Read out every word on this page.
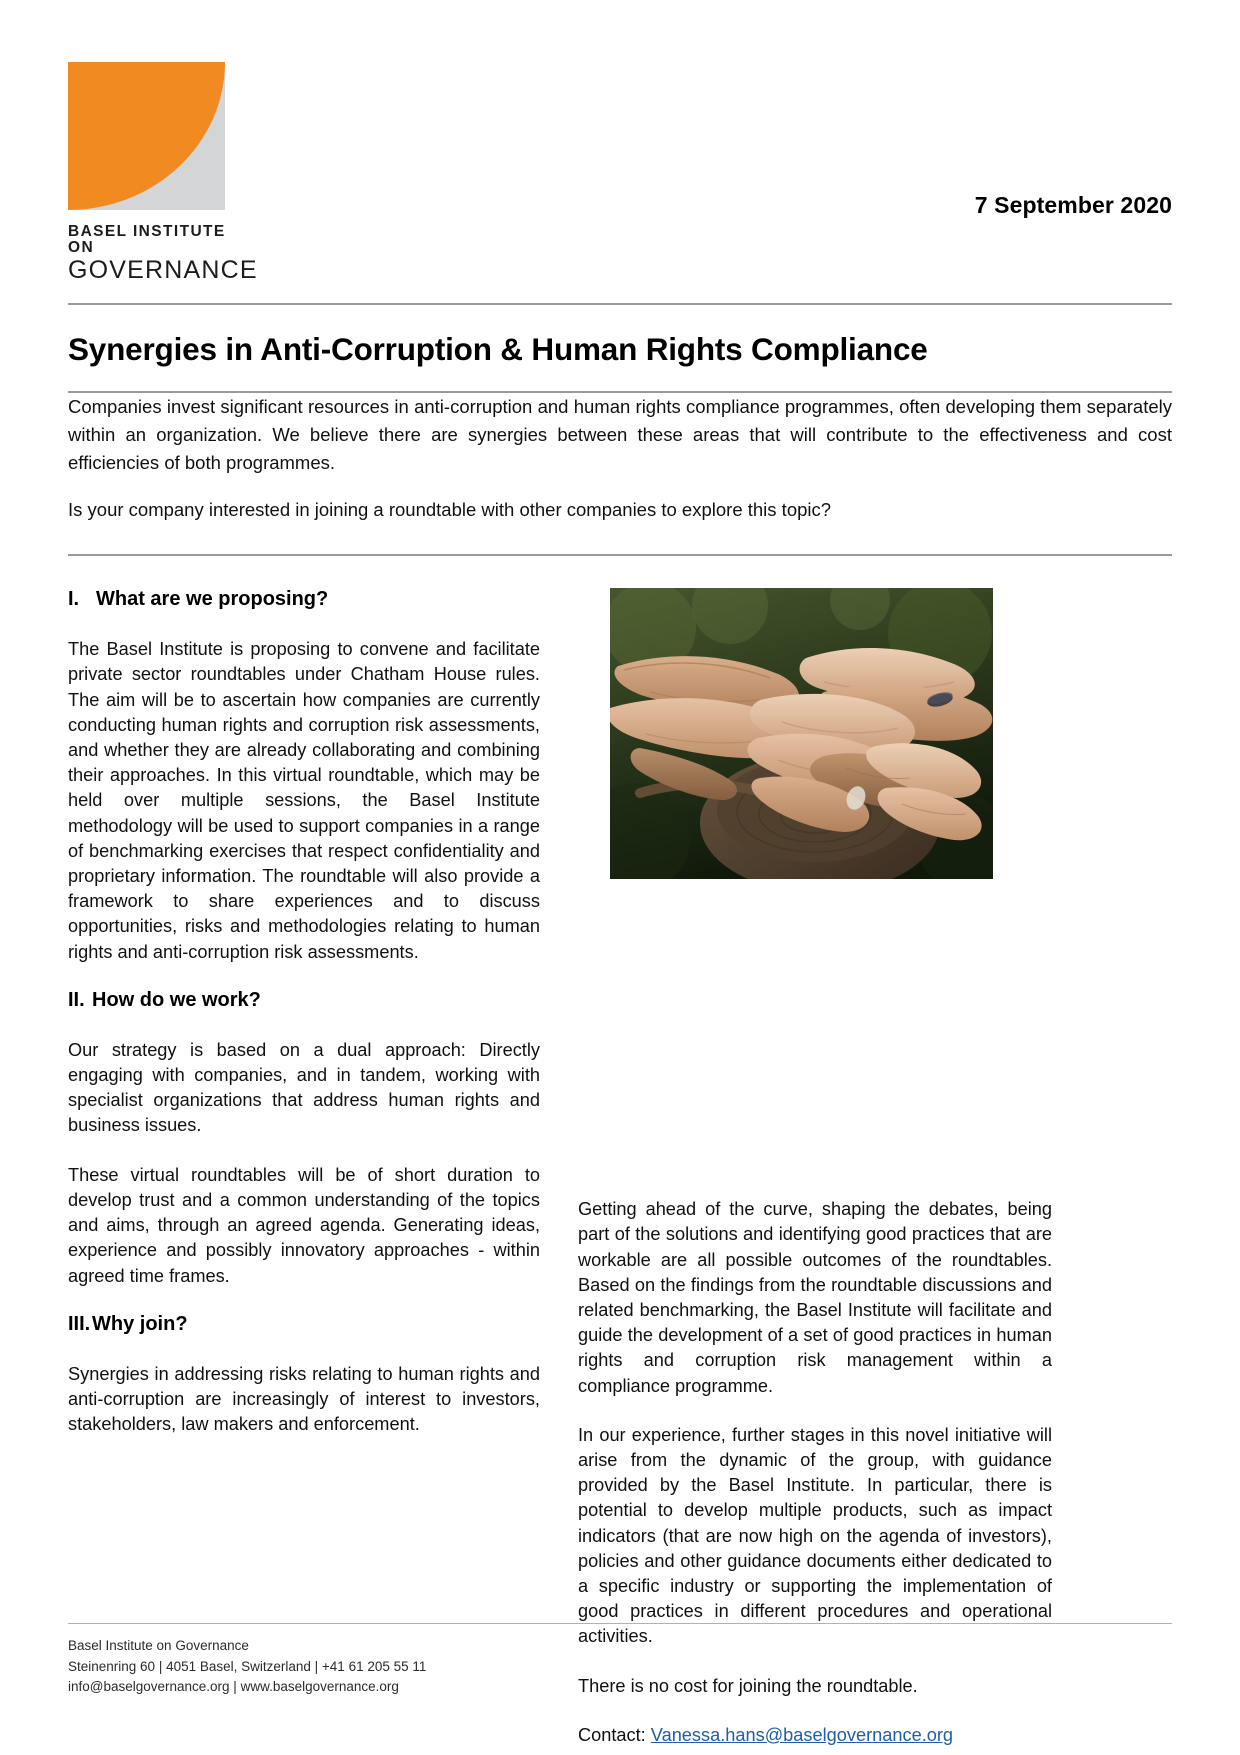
BASEL INSTITUTE ON
GOVERNANCE
7 September 2020
Synergies in Anti-Corruption & Human Rights Compliance

Companies invest significant resources in anti-corruption and human rights compliance programmes, often developing them separately within an organization. We believe there are synergies between these areas that will contribute to the effectiveness and cost efficiencies of both programmes.

Is your company interested in joining a roundtable with other companies to explore this topic?

I. What are we proposing?

The Basel Institute is proposing to convene and facilitate private sector roundtables under Chatham House rules. The aim will be to ascertain how companies are currently conducting human rights and corruption risk assessments, and whether they are already collaborating and combining their approaches. In this virtual roundtable, which may be held over multiple sessions, the Basel Institute methodology will be used to support companies in a range of benchmarking exercises that respect confidentiality and proprietary information. The roundtable will also provide a framework to share experiences and to discuss opportunities, risks and methodologies relating to human rights and anti-corruption risk assessments.

II. How do we work?

Our strategy is based on a dual approach: Directly engaging with companies, and in tandem, working with specialist organizations that address human rights and business issues.

These virtual roundtables will be of short duration to develop trust and a common understanding of the topics and aims, through an agreed agenda. Generating ideas, experience and possibly innovatory approaches - within agreed time frames.

III.Why join?

Synergies in addressing risks relating to human rights and anti-corruption are increasingly of interest to investors, stakeholders, law makers and enforcement.

Getting ahead of the curve, shaping the debates, being part of the solutions and identifying good practices that are workable are all possible outcomes of the roundtables. Based on the findings from the roundtable discussions and related benchmarking, the Basel Institute will facilitate and guide the development of a set of good practices in human rights and corruption risk management within a compliance programme.

In our experience, further stages in this novel initiative will arise from the dynamic of the group, with guidance provided by the Basel Institute. In particular, there is potential to develop multiple products, such as impact indicators (that are now high on the agenda of investors), policies and other guidance documents either dedicated to a specific industry or supporting the implementation of good practices in different procedures and operational activities.

There is no cost for joining the roundtable.

Contact: Vanessa.hans@baselgovernance.org

Basel Institute on Governance
Steinenring 60 | 4051 Basel, Switzerland | +41 61 205 55 11
info@baselgovernance.org | www.baselgovernance.org
